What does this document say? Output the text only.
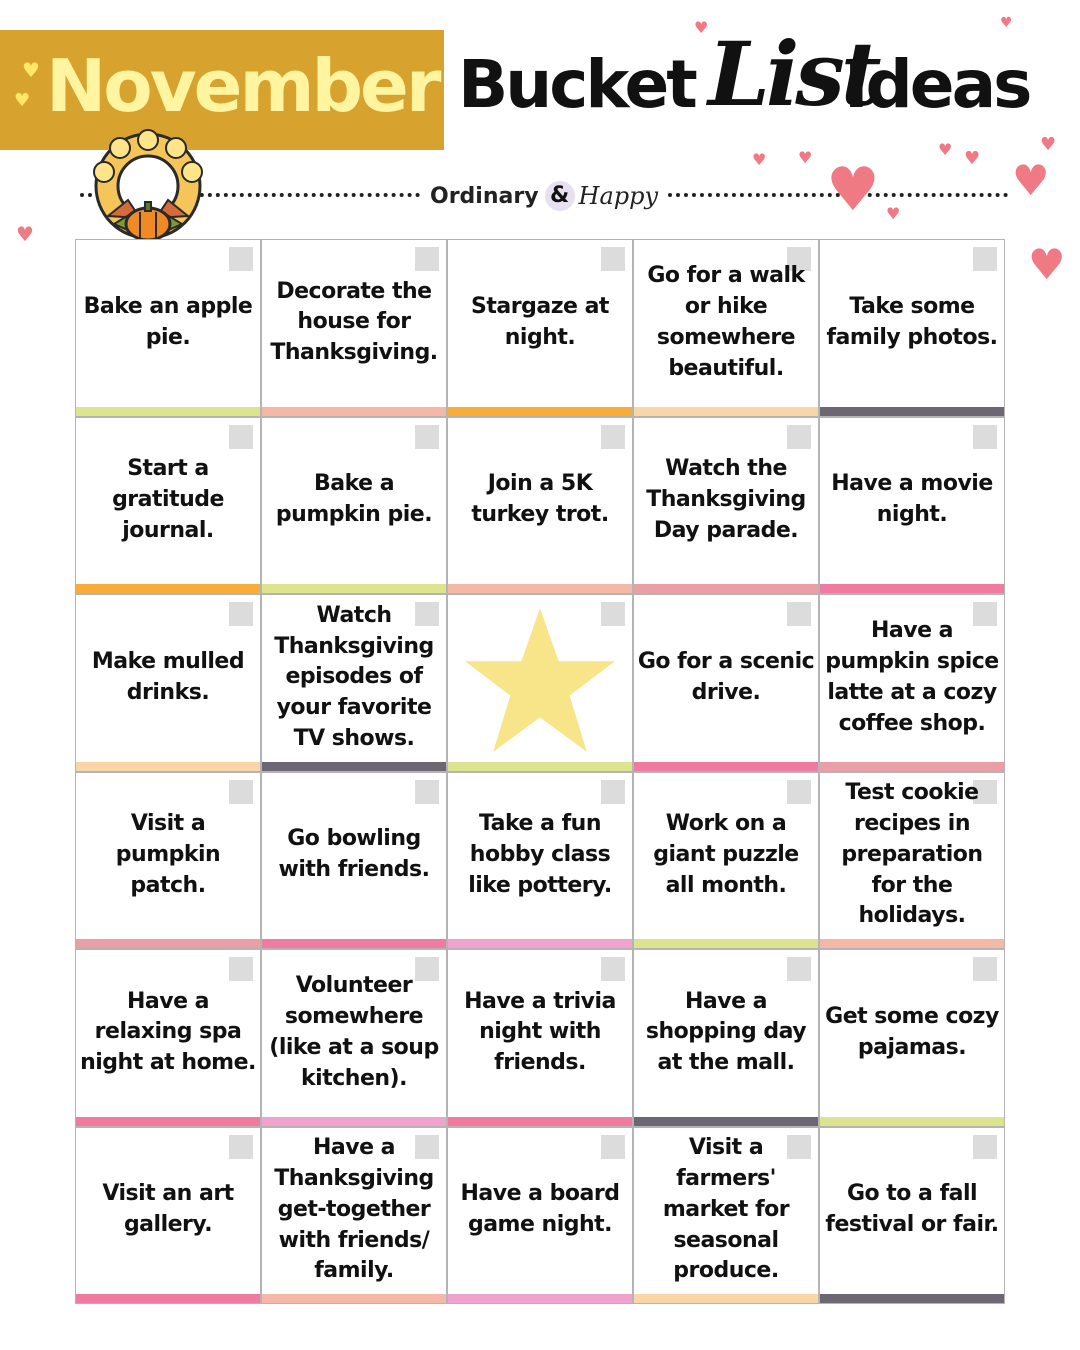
♥
♥ November Bucket List
Ideas
Ordinary & Happy
♥	♥
♥
♥ ♥	♥ ♥
♥	♥
♥
♥
♥
Bake an apple pie.
Decorate the house for Thanksgiving.
Stargaze at night.
Go for a walk or hike somewhere beautiful.
Take some family photos.
Start a gratitude journal.
Bake a pumpkin pie.
Join a 5K turkey trot.
Watch the Thanksgiving Day parade.
Have a movie night.
Make mulled drinks.
Watch Thanksgiving episodes of your favorite TV shows.
Go for a scenic drive.
Have a pumpkin spice latte at a cozy coffee shop.
Visit a pumpkin patch.
Go bowling with friends.
Take a fun hobby class like pottery.
Work on a giant puzzle all month.
Test cookie recipes in preparation for the holidays.
Have a relaxing spa night at home.
Volunteer somewhere (like at a soup kitchen).
Have a trivia night with friends.
Have a shopping day at the mall.
Get some cozy pajamas.
Visit an art gallery.
Have a Thanksgiving get-together with friends/ family.
Have a board game night.
Visit a farmers' market for seasonal produce.
Go to a fall festival or fair.
